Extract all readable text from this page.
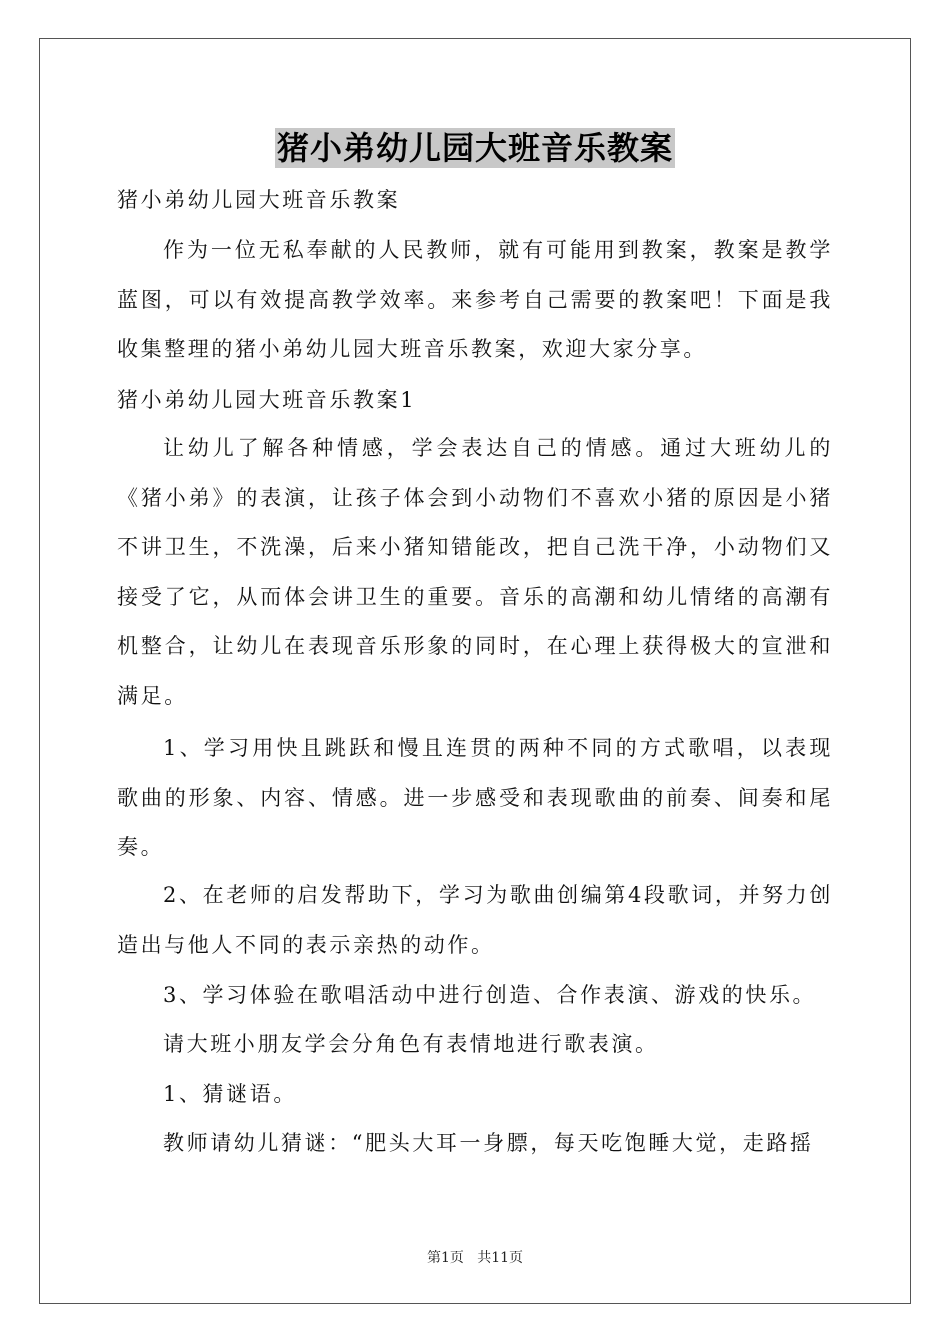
猪小弟幼儿园大班音乐教案
猪小弟幼儿园大班音乐教案
作为一位无私奉献的人民教师，就有可能用到教案，教案是教学蓝图，可以有效提高教学效率。来参考自己需要的教案吧！下面是我收集整理的猪小弟幼儿园大班音乐教案，欢迎大家分享。
猪小弟幼儿园大班音乐教案1
让幼儿了解各种情感，学会表达自己的情感。通过大班幼儿的《猪小弟》的表演，让孩子体会到小动物们不喜欢小猪的原因是小猪不讲卫生，不洗澡，后来小猪知错能改，把自己洗干净，小动物们又接受了它，从而体会讲卫生的重要。音乐的高潮和幼儿情绪的高潮有机整合，让幼儿在表现音乐形象的同时，在心理上获得极大的宣泄和满足。
1、学习用快且跳跃和慢且连贯的两种不同的方式歌唱，以表现歌曲的形象、内容、情感。进一步感受和表现歌曲的前奏、间奏和尾奏。
2、在老师的启发帮助下，学习为歌曲创编第4段歌词，并努力创造出与他人不同的表示亲热的动作。
3、学习体验在歌唱活动中进行创造、合作表演、游戏的快乐。
请大班小朋友学会分角色有表情地进行歌表演。
1、猜谜语。
教师请幼儿猜谜：“肥头大耳一身膘，每天吃饱睡大觉，走路摇
第1页   共11页
